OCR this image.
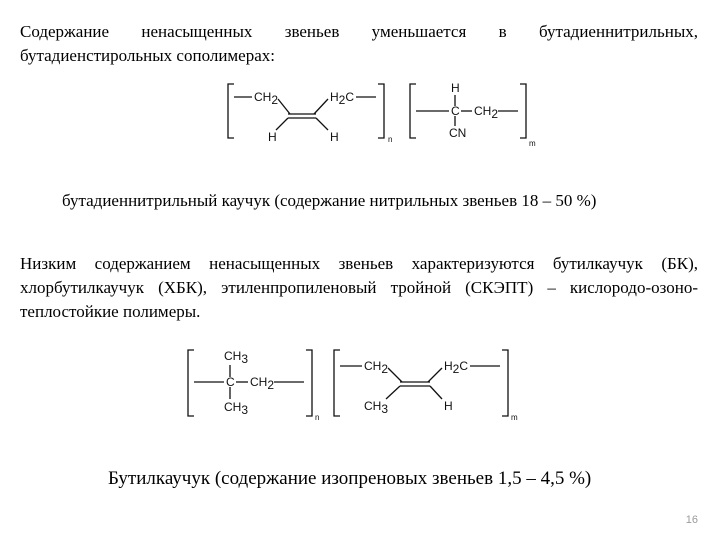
Содержание ненасыщенных звеньев уменьшается в бутадиеннитрильных, бутадиенстирольных сополимерах:
CH2	H2C
H	H	n
H
C CH2
CN
m
бутадиеннитрильный каучук (содержание нитрильных звеньев 18 – 50 %)
Низким содержанием ненасыщенных звеньев характеризуются бутилкаучук (БК), хлорбутилкаучук (ХБК), этиленпропиленовый тройной (СКЭПТ) – кислородо-озоно-теплостойкие полимеры.
CH3
C CH2
CH3
n
CH2	H2C
CH3	H
m
Бутилкаучук (содержание изопреновых звеньев 1,5 – 4,5 %)
16
